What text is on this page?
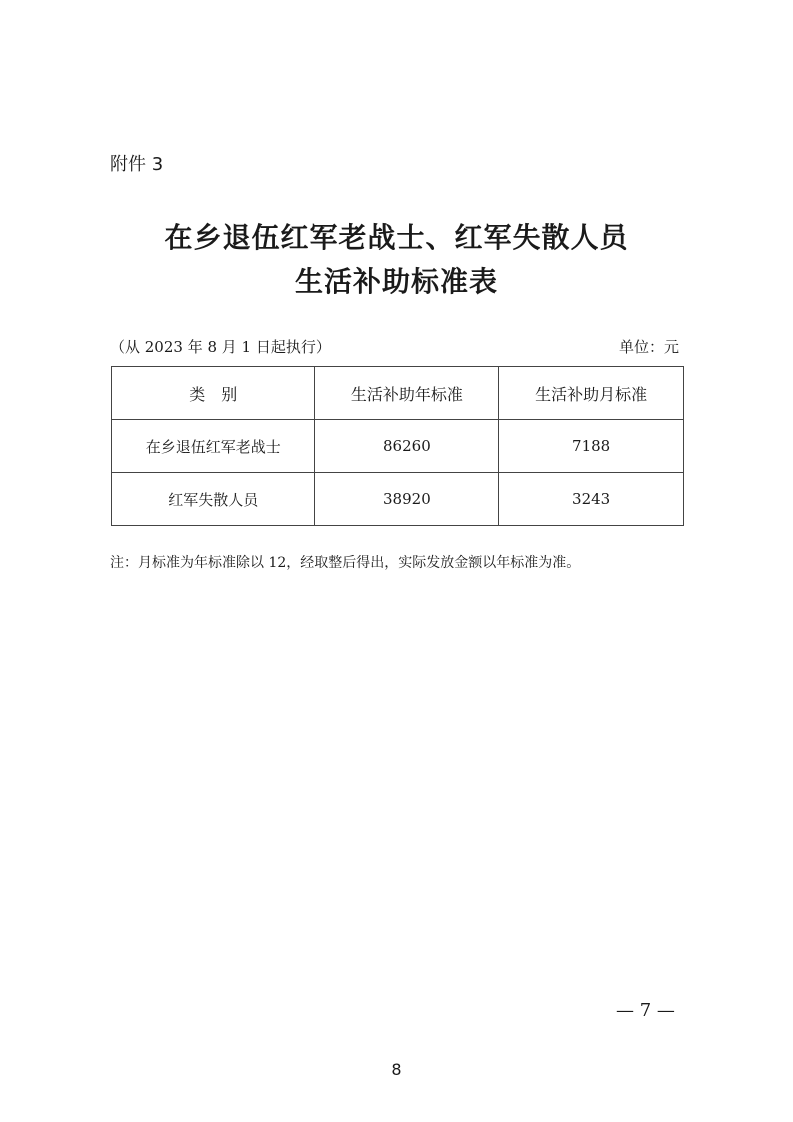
附件 3
在乡退伍红军老战士、红军失散人员
生活补助标准表
（从 2023 年 8 月 1 日起执行）	单位：元
类　别	生活补助年标准	生活补助月标准
在乡退伍红军老战士	86260	7188
红军失散人员	38920	3243
注：月标准为年标准除以 12，经取整后得出，实际发放金额以年标准为准。
— 7 —
8
